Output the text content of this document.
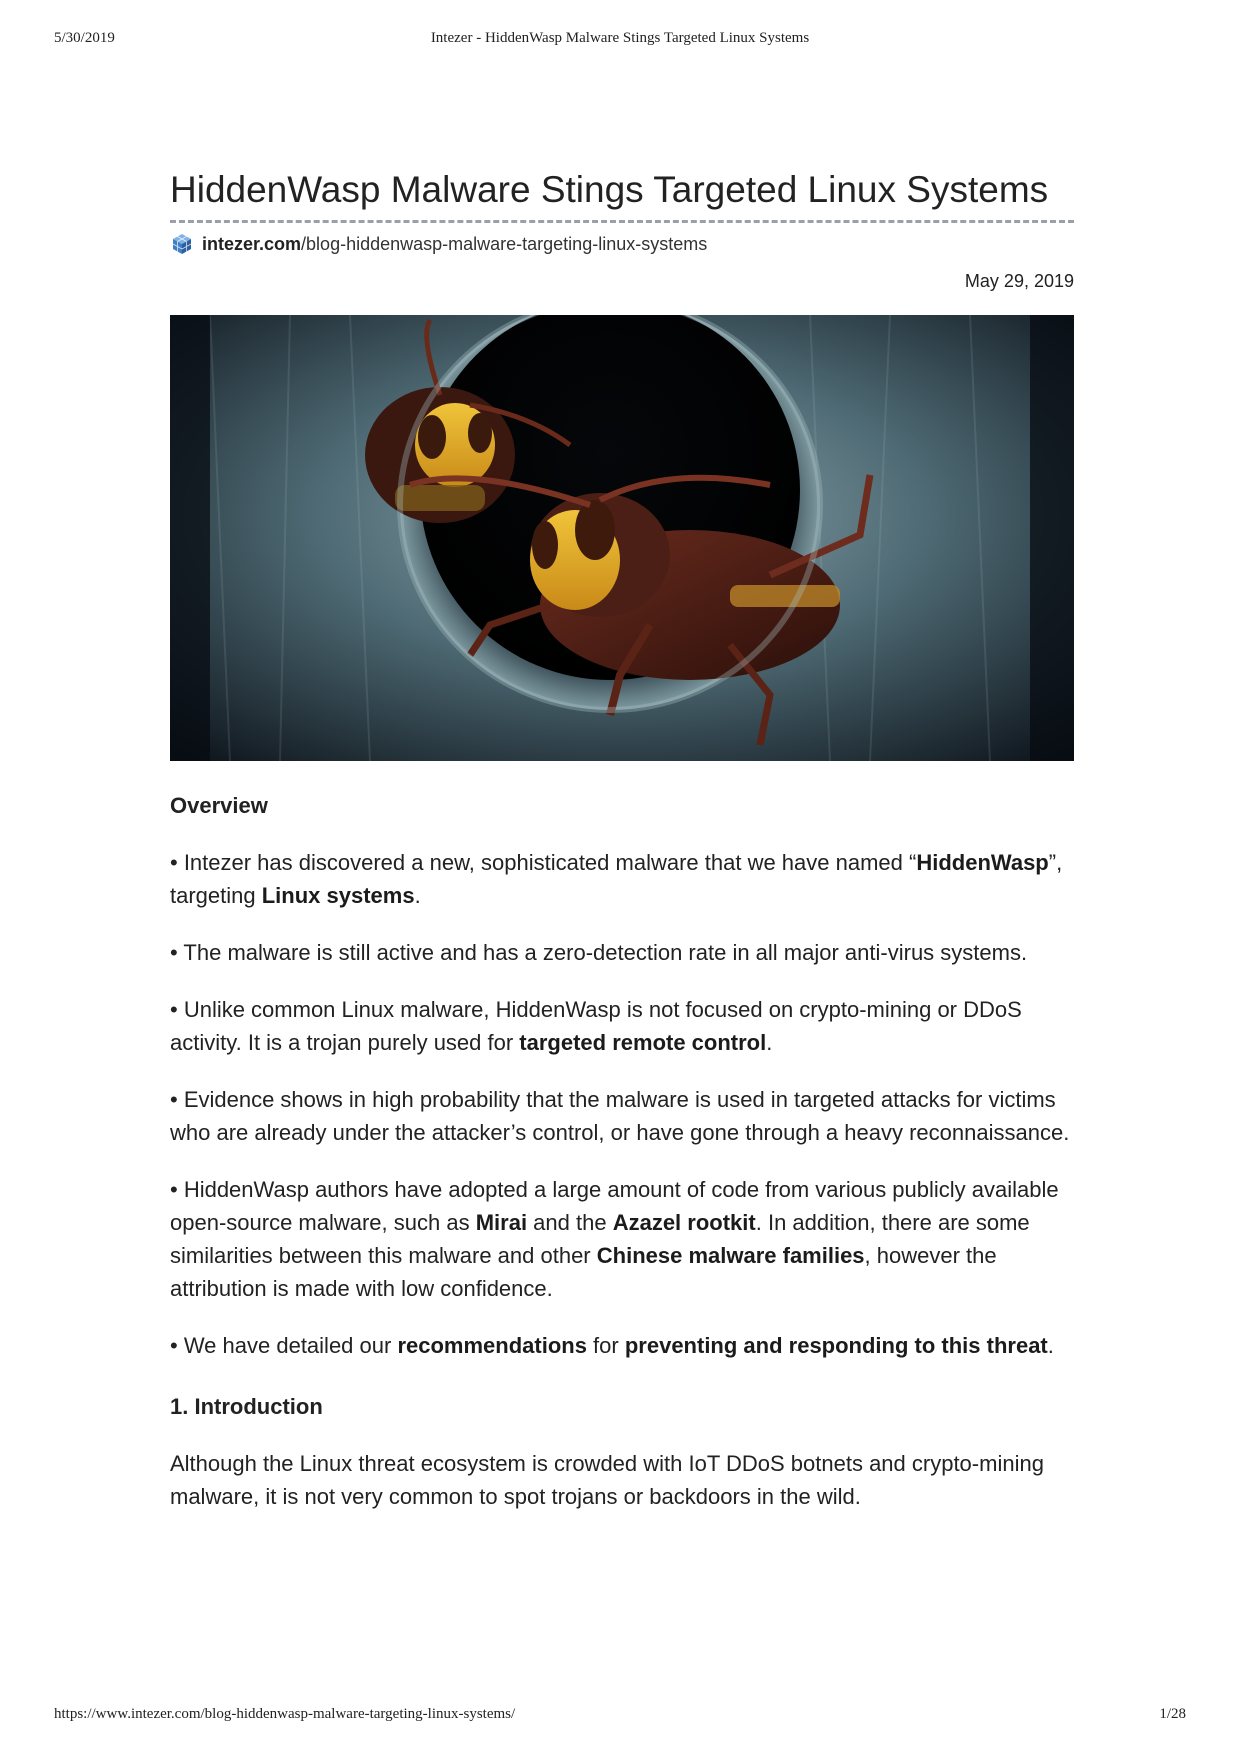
5/30/2019	Intezer - HiddenWasp Malware Stings Targeted Linux Systems
HiddenWasp Malware Stings Targeted Linux Systems
intezer.com /blog-hiddenwasp-malware-targeting-linux-systems
May 29, 2019
Overview

• Intezer has discovered a new, sophisticated malware that we have named “HiddenWasp”, targeting Linux systems.

• The malware is still active and has a zero-detection rate in all major anti-virus systems.

• Unlike common Linux malware, HiddenWasp is not focused on crypto-mining or DDoS activity. It is a trojan purely used for targeted remote control.

• Evidence shows in high probability that the malware is used in targeted attacks for victims who are already under the attacker’s control, or have gone through a heavy reconnaissance.

• HiddenWasp authors have adopted a large amount of code from various publicly available open-source malware, such as Mirai and the Azazel rootkit. In addition, there are some similarities between this malware and other Chinese malware families, however the attribution is made with low confidence.

• We have detailed our recommendations for preventing and responding to this threat.

1. Introduction

Although the Linux threat ecosystem is crowded with IoT DDoS botnets and crypto-mining malware, it is not very common to spot trojans or backdoors in the wild.

https://www.intezer.com/blog-hiddenwasp-malware-targeting-linux-systems/	1/28
